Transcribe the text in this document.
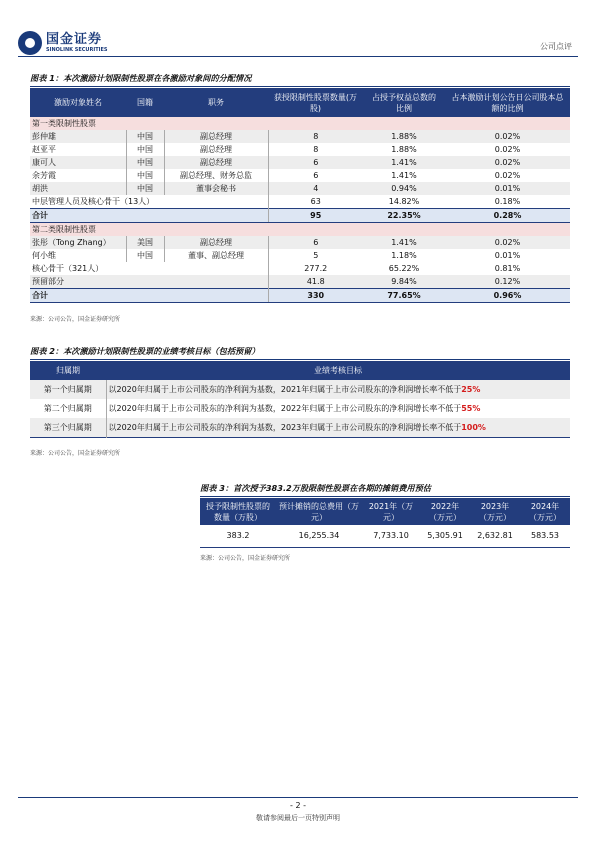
国金证券
SINOLINK SECURITIES	公司点评
图表 1：本次激励计划限制性股票在各激励对象间的分配情况
激励对象姓名	国籍	职务	获授限制性股票数量(万股)	占授予权益总数的比例	占本激励计划公告日公司股本总额的比例
第一类限制性股票					
彭仲雄	中国	副总经理	8	1.88%	0.02%
赵亚平	中国	副总经理	8	1.88%	0.02%
康可人	中国	副总经理	6	1.41%	0.02%
余芳霞	中国	副总经理、财务总监	6	1.41%	0.02%
胡洪	中国	董事会秘书	4	0.94%	0.01%
中层管理人员及核心骨干（13人）			63	14.82%	0.18%
合计			95	22.35%	0.28%
第二类限制性股票					
张彤（Tong Zhang）	美国	副总经理	6	1.41%	0.02%
何小维	中国	董事、副总经理	5	1.18%	0.01%
核心骨干（321人）			277.2	65.22%	0.81%
预留部分			41.8	9.84%	0.12%
合计			330	77.65%	0.96%
来源：公司公告，国金证券研究所
图表 2：本次激励计划限制性股票的业绩考核目标（包括预留）
归属期	业绩考核目标
第一个归属期	以2020年归属于上市公司股东的净利润为基数，2021年归属于上市公司股东的净利润增长率不低于25%
第二个归属期	以2020年归属于上市公司股东的净利润为基数，2022年归属于上市公司股东的净利润增长率不低于55%
第三个归属期	以2020年归属于上市公司股东的净利润为基数，2023年归属于上市公司股东的净利润增长率不低于100%
来源：公司公告，国金证券研究所
图表 3：首次授予383.2万股限制性股票在各期的摊销费用预估
授予限制性股票的数量（万股）	预计摊销的总费用（万元）	2021年（万元）	2022年（万元）	2023年（万元）	2024年（万元）
383.2	16,255.34	7,733.10	5,305.91	2,632.81	583.53
来源：公司公告，国金证券研究所
- 2 -
敬请参阅最后一页特别声明
